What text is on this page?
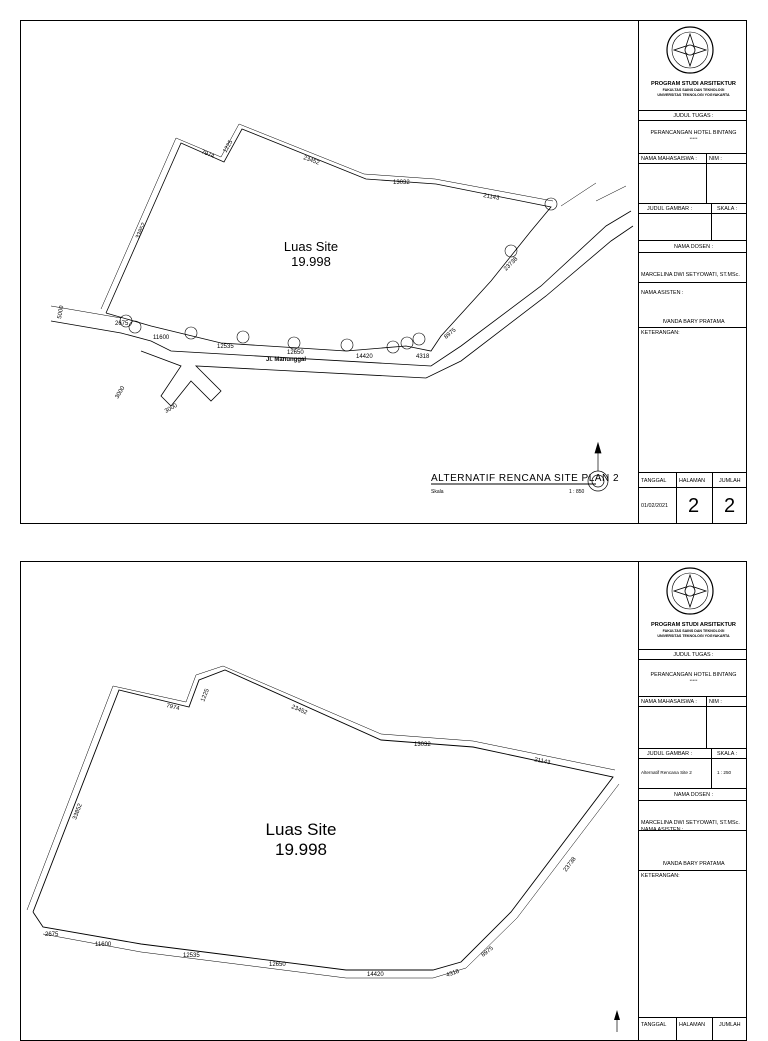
23452
13032
21143
7974
1225
33852
23738
8975
4318
14420
12650
12535
11600
2675
5000
3000
3000
Jl. Manunggal
ALTERNATIF RENCANA SITE PLAN 2
Skala	1 : 850
PROGRAM STUDI ARSITEKTUR
FAKULTAS SAINS DAN TEKNOLOGI
UNIVERSITAS TEKNOLOGI YOGYAKARTA
JUDUL TUGAS :
PERANCANGAN HOTEL BINTANG
*****
NAMA MAHASAISWA : NIM :
JUDUL GAMBAR :	SKALA :
NAMA DOSEN :
MARCELINA DWI SETYOWATI, ST.MSc.
NAMA ASISTEN :
IVANDA BARY PRATAMA
KETERANGAN:
TANGGAL HALAMAN	JUMLAH
01/02/2021 2 2
Luas Site
19.998
23452
13032
21143
7974
1225
33852
23738
8975
4318
14420
12650
12535
11600
2675
PROGRAM STUDI ARSITEKTUR
FAKULTAS SAINS DAN TEKNOLOGI
UNIVERSITAS TEKNOLOGI YOGYAKARTA
JUDUL TUGAS :
PERANCANGAN HOTEL BINTANG
*****
NAMA MAHASAISWA : NIM :
JUDUL GAMBAR :	SKALA :
Alternatif Rencana Site 2	1 : 250
NAMA DOSEN :
MARCELINA DWI SETYOWATI, ST.MSc.
NAMA ASISTEN :
IVANDA BARY PRATAMA
KETERANGAN:
TANGGAL HALAMAN	JUMLAH
Luas Site
19.998
